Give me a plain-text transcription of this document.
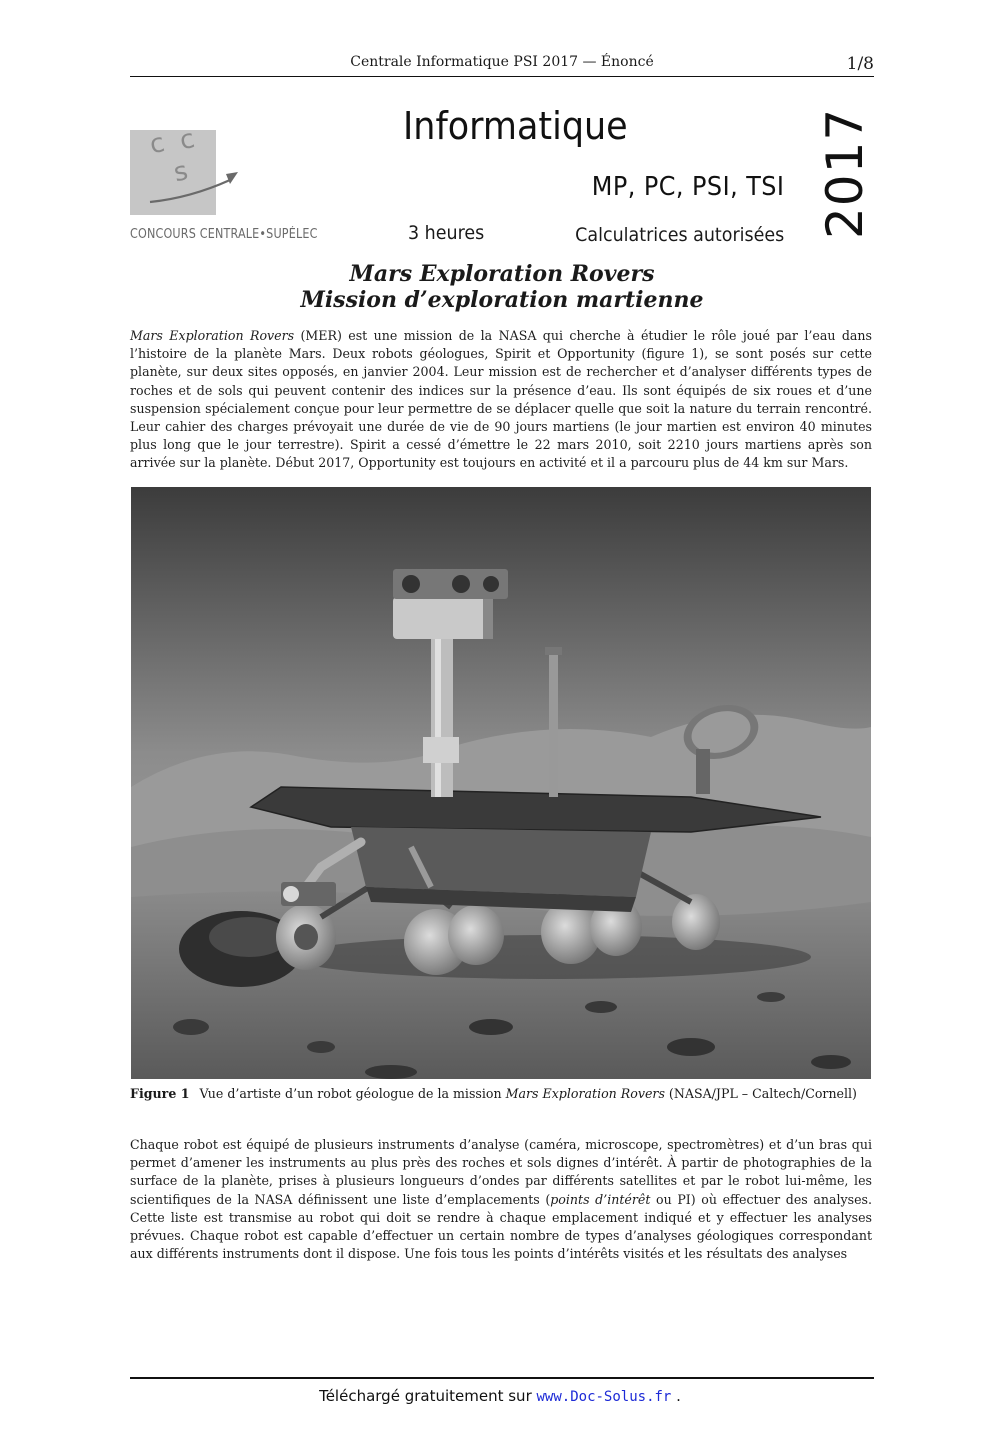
Centrale Informatique PSI 2017 — Énoncé	1/8
c c
s
CONCOURS CENTRALE•SUPÉLEC
Informatique
MP, PC, PSI, TSI
3 heures	Calculatrices autorisées 2017
Mars Exploration Rovers
Mission d’exploration martienne
Mars Exploration Rovers (MER) est une mission de la NASA qui cherche à étudier le rôle joué par l’eau dans l’histoire de la planète Mars. Deux robots géologues, Spirit et Opportunity (figure 1), se sont posés sur cette planète, sur deux sites opposés, en janvier 2004. Leur mission est de rechercher et d’analyser différents types de roches et de sols qui peuvent contenir des indices sur la présence d’eau. Ils sont équipés de six roues et d’une suspension spécialement conçue pour leur permettre de se déplacer quelle que soit la nature du terrain rencontré. Leur cahier des charges prévoyait une durée de vie de 90 jours martiens (le jour martien est environ 40 minutes plus long que le jour terrestre). Spirit a cessé d’émettre le 22 mars 2010, soit 2210 jours martiens après son arrivée sur la planète. Début 2017, Opportunity est toujours en activité et il a parcouru plus de 44 km sur Mars.
Figure 1 Vue d’artiste d’un robot géologue de la mission Mars Exploration Rovers (NASA/JPL – Caltech/Cornell)
Chaque robot est équipé de plusieurs instruments d’analyse (caméra, microscope, spectromètres) et d’un bras qui permet d’amener les instruments au plus près des roches et sols dignes d’intérêt. À partir de photographies de la surface de la planète, prises à plusieurs longueurs d’ondes par différents satellites et par le robot lui-même, les scientifiques de la NASA définissent une liste d’emplacements (points d’intérêt ou PI) où effectuer des analyses. Cette liste est transmise au robot qui doit se rendre à chaque emplacement indiqué et y effectuer les analyses prévues. Chaque robot est capable d’effectuer un certain nombre de types d’analyses géologiques correspondant aux différents instruments dont il dispose. Une fois tous les points d’intérêts visités et les résultats des analyses
Téléchargé gratuitement sur www.Doc-Solus.fr .
